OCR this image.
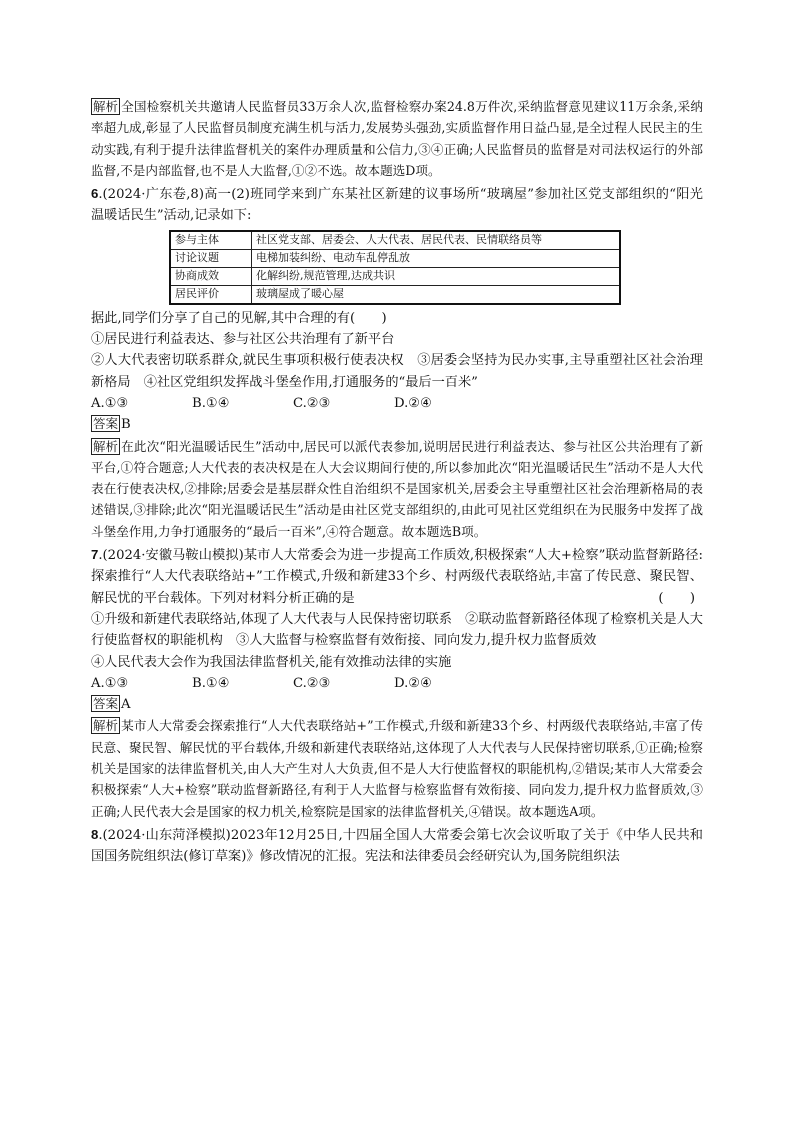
解析 全国检察机关共邀请人民监督员33万余人次,监督检察办案24.8万件次,采纳监督意见建议11万余条,采纳率超九成,彰显了人民监督员制度充满生机与活力,发展势头强劲,实质监督作用日益凸显,是全过程人民民主的生动实践,有利于提升法律监督机关的案件办理质量和公信力,③④正确;人民监督员的监督是对司法权运行的外部监督,不是内部监督,也不是人大监督,①②不选。故本题选D项。

6.(2024·广东卷,8)高一(2)班同学来到广东某社区新建的议事场所“玻璃屋”参加社区党支部组织的“阳光温暖话民生”活动,记录如下:

参与主体	社区党支部、居委会、人大代表、居民代表、民情联络员等
讨论议题	电梯加装纠纷、电动车乱停乱放
协商成效	化解纠纷,规范管理,达成共识
居民评价	玻璃屋成了暖心屋

据此,同学们分享了自己的见解,其中合理的有(　　)

①居民进行利益表达、参与社区公共治理有了新平台
②人大代表密切联系群众,就民生事项积极行使表决权　③居委会坚持为民办实事,主导重塑社区社会治理新格局　④社区党组织发挥战斗堡垒作用,打通服务的“最后一百米”

A.①③	B.①④	C.②③	D.②④

答案 B

解析 在此次“阳光温暖话民生”活动中,居民可以派代表参加,说明居民进行利益表达、参与社区公共治理有了新平台,①符合题意;人大代表的表决权是在人大会议期间行使的,所以参加此次“阳光温暖话民生”活动不是人大代表在行使表决权,②排除;居委会是基层群众性自治组织不是国家机关,居委会主导重塑社区社会治理新格局的表述错误,③排除;此次“阳光温暖话民生”活动是由社区党支部组织的,由此可见社区党组织在为民服务中发挥了战斗堡垒作用,力争打通服务的“最后一百米”,④符合题意。故本题选B项。

7.(2024·安徽马鞍山模拟)某市人大常委会为进一步提高工作质效,积极探索“人大+检察”联动监督新路径:探索推行“人大代表联络站+”工作模式,升级和新建33个乡、村两级代表联络站,丰富了传民意、聚民智、解民忧的平台载体。下列对材料分析正确的是	(　　)

①升级和新建代表联络站,体现了人大代表与人民保持密切联系　②联动监督新路径体现了检察机关是人大行使监督权的职能机构　③人大监督与检察监督有效衔接、同向发力,提升权力监督质效
④人民代表大会作为我国法律监督机关,能有效推动法律的实施

A.①③	B.①④	C.②③	D.②④

答案 A

解析 某市人大常委会探索推行“人大代表联络站+”工作模式,升级和新建33个乡、村两级代表联络站,丰富了传民意、聚民智、解民忧的平台载体,升级和新建代表联络站,这体现了人大代表与人民保持密切联系,①正确;检察机关是国家的法律监督机关,由人大产生对人大负责,但不是人大行使监督权的职能机构,②错误;某市人大常委会积极探索“人大+检察”联动监督新路径,有利于人大监督与检察监督有效衔接、同向发力,提升权力监督质效,③正确;人民代表大会是国家的权力机关,检察院是国家的法律监督机关,④错误。故本题选A项。

8.(2024·山东菏泽模拟)2023年12月25日,十四届全国人大常委会第七次会议听取了关于《中华人民共和国国务院组织法(修订草案)》修改情况的汇报。宪法和法律委员会经研究认为,国务院组织法
